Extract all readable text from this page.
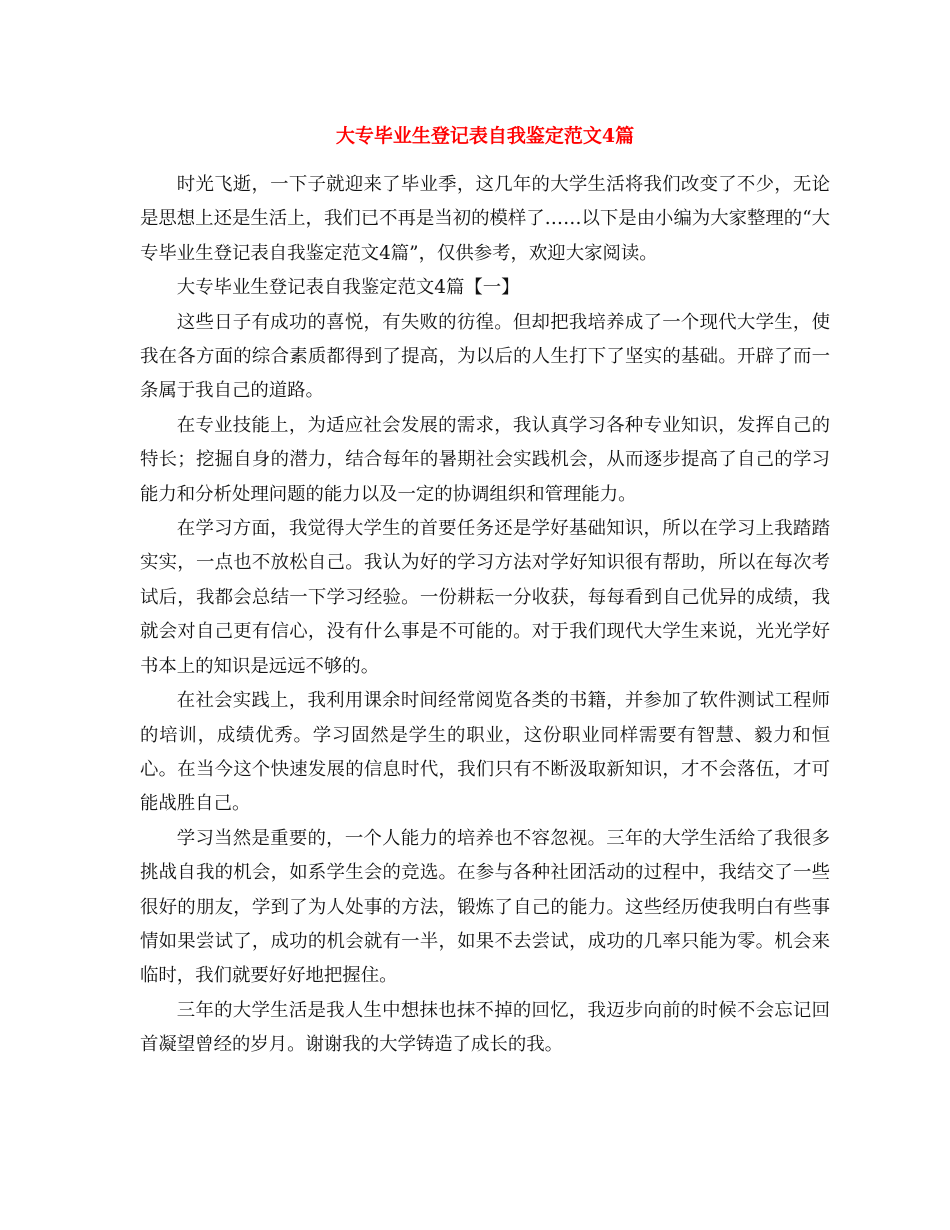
大专毕业生登记表自我鉴定范文4篇

时光飞逝，一下子就迎来了毕业季，这几年的大学生活将我们改变了不少，无论是思想上还是生活上，我们已不再是当初的模样了……以下是由小编为大家整理的“大专毕业生登记表自我鉴定范文4篇”，仅供参考，欢迎大家阅读。

大专毕业生登记表自我鉴定范文4篇【一】

这些日子有成功的喜悦，有失败的彷徨。但却把我培养成了一个现代大学生，使我在各方面的综合素质都得到了提高，为以后的人生打下了坚实的基础。开辟了而一条属于我自己的道路。

在专业技能上，为适应社会发展的需求，我认真学习各种专业知识，发挥自己的特长；挖掘自身的潜力，结合每年的暑期社会实践机会，从而逐步提高了自己的学习能力和分析处理问题的能力以及一定的协调组织和管理能力。

在学习方面，我觉得大学生的首要任务还是学好基础知识，所以在学习上我踏踏实实，一点也不放松自己。我认为好的学习方法对学好知识很有帮助，所以在每次考试后，我都会总结一下学习经验。一份耕耘一分收获，每每看到自己优异的成绩，我就会对自己更有信心，没有什么事是不可能的。对于我们现代大学生来说，光光学好书本上的知识是远远不够的。

在社会实践上，我利用课余时间经常阅览各类的书籍，并参加了软件测试工程师的培训，成绩优秀。学习固然是学生的职业，这份职业同样需要有智慧、毅力和恒心。在当今这个快速发展的信息时代，我们只有不断汲取新知识，才不会落伍，才可能战胜自己。

学习当然是重要的，一个人能力的培养也不容忽视。三年的大学生活给了我很多挑战自我的机会，如系学生会的竞选。在参与各种社团活动的过程中，我结交了一些很好的朋友，学到了为人处事的方法，锻炼了自己的能力。这些经历使我明白有些事情如果尝试了，成功的机会就有一半，如果不去尝试，成功的几率只能为零。机会来临时，我们就要好好地把握住。

三年的大学生活是我人生中想抹也抹不掉的回忆，我迈步向前的时候不会忘记回首凝望曾经的岁月。谢谢我的大学铸造了成长的我。
